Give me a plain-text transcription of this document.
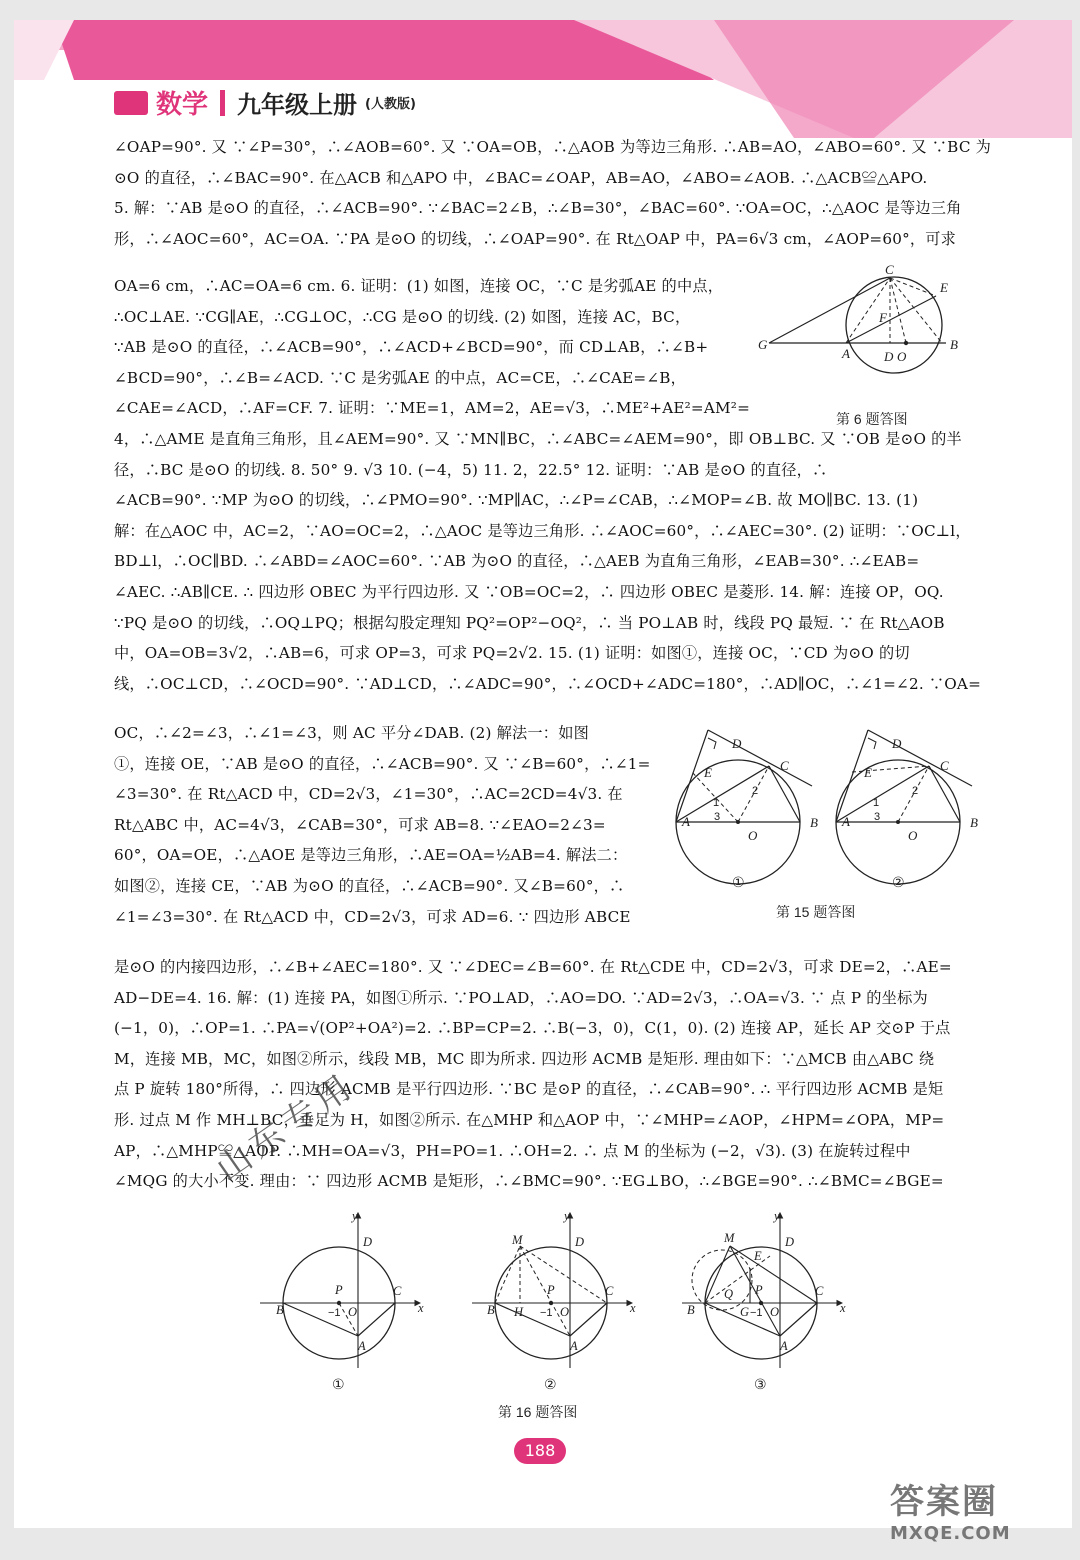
数学 九年级上册 (人教版)

∠OAP=90°. 又 ∵∠P=30°，∴∠AOB=60°. 又 ∵OA=OB，∴△AOB 为等边三角形. ∴AB=AO，∠ABO=60°. 又 ∵BC 为

⊙O 的直径，∴∠BAC=90°. 在△ACB 和△APO 中，∠BAC=∠OAP，AB=AO，∠ABO=∠AOB. ∴△ACB≌△APO.

5. 解：∵AB 是⊙O 的直径，∴∠ACB=90°. ∵∠BAC=2∠B，∴∠B=30°，∠BAC=60°. ∵OA=OC，∴△AOC 是等边三角

形，∴∠AOC=60°，AC=OA. ∵PA 是⊙O 的切线，∴∠OAP=90°. 在 Rt△OAP 中，PA=6√3 cm，∠AOP=60°，可求

OA=6 cm，∴AC=OA=6 cm. 6. 证明：(1) 如图，连接 OC，∵C 是劣弧AE 的中点，

∴OC⊥AE. ∵CG∥AE，∴CG⊥OC，∴CG 是⊙O 的切线. (2) 如图，连接 AC，BC，

∵AB 是⊙O 的直径，∴∠ACB=90°，∴∠ACD+∠BCD=90°，而 CD⊥AB，∴∠B+

∠BCD=90°，∴∠B=∠ACD. ∵C 是劣弧AE 的中点，AC=CE，∴∠CAE=∠B，

∠CAE=∠ACD，∴AF=CF. 7. 证明：∵ME=1，AM=2，AE=√3，∴ME²+AE²=AM²=

C
E
G
F
A	D O
B
第 6 题答图

4，∴△AME 是直角三角形，且∠AEM=90°. 又 ∵MN∥BC，∴∠ABC=∠AEM=90°，即 OB⊥BC. 又 ∵OB 是⊙O 的半

径，∴BC 是⊙O 的切线. 8. 50° 9. √3 10. (−4，5) 11. 2，22.5° 12. 证明：∵AB 是⊙O 的直径，∴

∠ACB=90°. ∵MP 为⊙O 的切线，∴∠PMO=90°. ∵MP∥AC，∴∠P=∠CAB，∴∠MOP=∠B. 故 MO∥BC. 13. (1)

解：在△AOC 中，AC=2，∵AO=OC=2，∴△AOC 是等边三角形. ∴∠AOC=60°，∴∠AEC=30°. (2) 证明：∵OC⊥l，

BD⊥l，∴OC∥BD. ∴∠ABD=∠AOC=60°. ∵AB 为⊙O 的直径，∴△AEB 为直角三角形，∠EAB=30°. ∴∠EAB=

∠AEC. ∴AB∥CE. ∴ 四边形 OBEC 为平行四边形. 又 ∵OB=OC=2，∴ 四边形 OBEC 是菱形. 14. 解：连接 OP，OQ.

∵PQ 是⊙O 的切线，∴OQ⊥PQ；根据勾股定理知 PQ²=OP²−OQ²，∴ 当 PO⊥AB 时，线段 PQ 最短. ∵ 在 Rt△AOB

中，OA=OB=3√2，∴AB=6，可求 OP=3，可求 PQ=2√2. 15. (1) 证明：如图①，连接 OC，∵CD 为⊙O 的切

线，∴OC⊥CD，∴∠OCD=90°. ∵AD⊥CD，∴∠ADC=90°，∴∠OCD+∠ADC=180°，∴AD∥OC，∴∠1=∠2. ∵OA=

OC，∴∠2=∠3，∴∠1=∠3，则 AC 平分∠DAB. (2) 解法一：如图

①，连接 OE，∵AB 是⊙O 的直径，∴∠ACB=90°. 又 ∵∠B=60°，∴∠1=

∠3=30°. 在 Rt△ACD 中，CD=2√3，∠1=30°，∴AC=2CD=4√3. 在

Rt△ABC 中，AC=4√3，∠CAB=30°，可求 AB=8. ∵∠EAO=2∠3=

60°，OA=OE，∴△AOE 是等边三角形，∴AE=OA=½AB=4. 解法二：

如图②，连接 CE，∵AB 为⊙O 的直径，∴∠ACB=90°. 又∠B=60°，∴

∠1=∠3=30°. 在 Rt△ACD 中，CD=2√3，可求 AD=6. ∵ 四边形 ABCE

D
E	C
A	B
O
D
E	C
A	B
O
1
2
3
1
2
3
①	②
第 15 题答图

是⊙O 的内接四边形，∴∠B+∠AEC=180°. 又 ∵∠DEC=∠B=60°. 在 Rt△CDE 中，CD=2√3，可求 DE=2，∴AE=

AD−DE=4. 16. 解：(1) 连接 PA，如图①所示. ∵PO⊥AD，∴AO=DO. ∵AD=2√3，∴OA=√3. ∵ 点 P 的坐标为

(−1，0)，∴OP=1. ∴PA=√(OP²+OA²)=2. ∴BP=CP=2. ∴B(−3，0)，C(1，0). (2) 连接 AP，延长 AP 交⊙P 于点

M，连接 MB，MC，如图②所示，线段 MB，MC 即为所求. 四边形 ACMB 是矩形. 理由如下：∵△MCB 由△ABC 绕

点 P 旋转 180°所得，∴ 四边形 ACMB 是平行四边形. ∵BC 是⊙P 的直径，∴∠CAB=90°. ∴ 平行四边形 ACMB 是矩

形. 过点 M 作 MH⊥BC，垂足为 H，如图②所示. 在△MHP 和△AOP 中，∵∠MHP=∠AOP，∠HPM=∠OPA，MP=

AP，∴△MHP≌△AOP. ∴MH=OA=√3，PH=PO=1. ∴OH=2. ∴ 点 M 的坐标为 (−2，√3). (3) 在旋转过程中

∠MQG 的大小不变. 理由：∵ 四边形 ACMB 是矩形，∴∠BMC=90°. ∵EG⊥BO，∴∠BGE=90°. ∴∠BMC=∠BGE=

山东专用
y
x
D
P	C
B	O
A
y
x
D
M
P	C
B H	O
A
y
x
D
M
E
P
Q	C
B	G O
A
−1	−1	−1
①	②	③
第 16 题答图
188
答案圈
MXQE.COM
